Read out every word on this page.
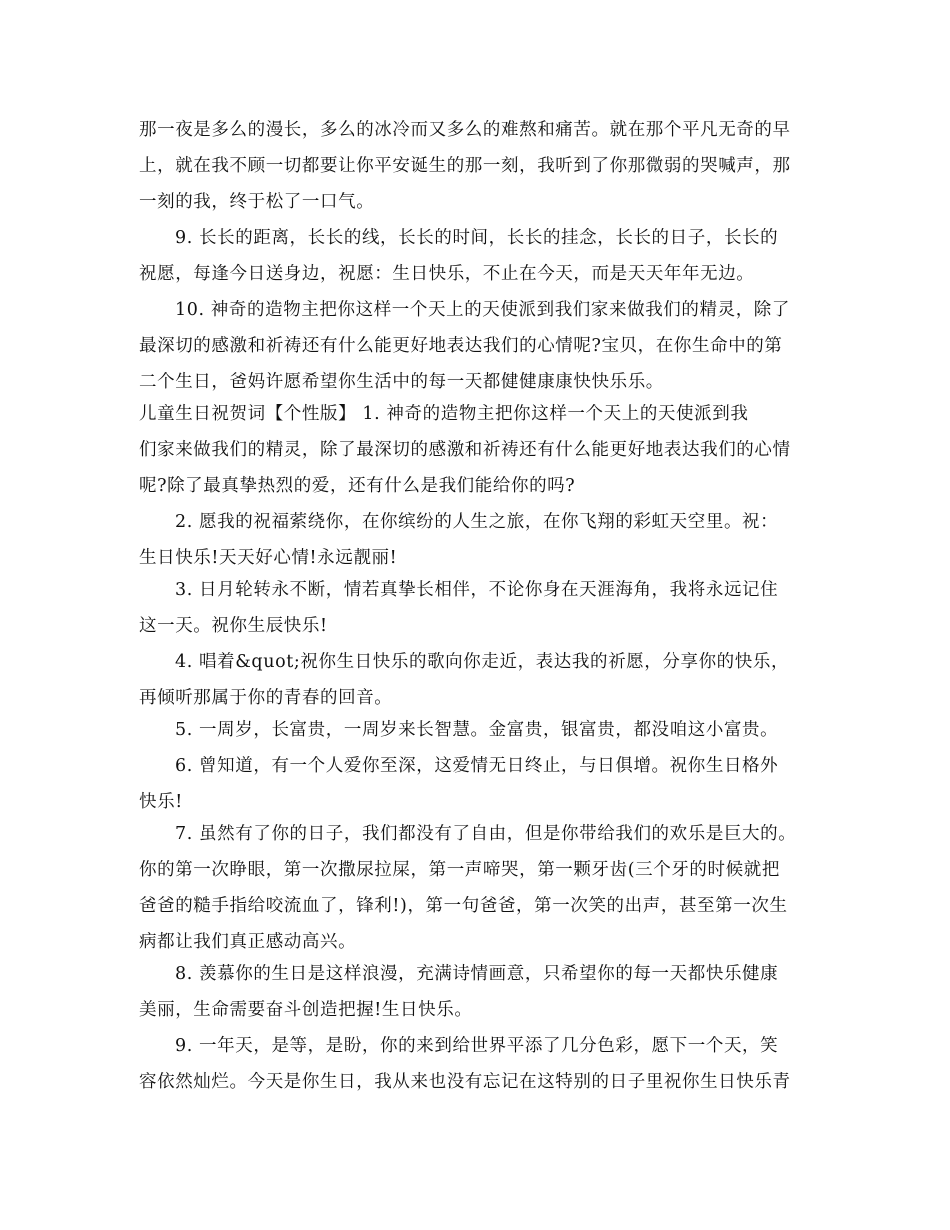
那一夜是多么的漫长，多么的冰冷而又多么的难熬和痛苦。就在那个平凡无奇的早
上，就在我不顾一切都要让你平安诞生的那一刻，我听到了你那微弱的哭喊声，那
一刻的我，终于松了一口气。
9. 长长的距离，长长的线，长长的时间，长长的挂念，长长的日子，长长的
祝愿，每逢今日送身边，祝愿：生日快乐，不止在今天，而是天天年年无边。
10. 神奇的造物主把你这样一个天上的天使派到我们家来做我们的精灵，除了
最深切的感激和祈祷还有什么能更好地表达我们的心情呢?宝贝，在你生命中的第
二个生日，爸妈许愿希望你生活中的每一天都健健康康快快乐乐。
儿童生日祝贺词【个性版】 1. 神奇的造物主把你这样一个天上的天使派到我
们家来做我们的精灵，除了最深切的感激和祈祷还有什么能更好地表达我们的心情
呢?除了最真挚热烈的爱，还有什么是我们能给你的吗?
2. 愿我的祝福萦绕你，在你缤纷的人生之旅，在你飞翔的彩虹天空里。祝：
生日快乐!天天好心情!永远靓丽!
3. 日月轮转永不断，情若真挚长相伴，不论你身在天涯海角，我将永远记住
这一天。祝你生辰快乐!
4. 唱着&quot;祝你生日快乐的歌向你走近，表达我的祈愿，分享你的快乐，
再倾听那属于你的青春的回音。
5. 一周岁，长富贵，一周岁来长智慧。金富贵，银富贵，都没咱这小富贵。
6. 曾知道，有一个人爱你至深，这爱情无日终止，与日俱增。祝你生日格外
快乐!
7. 虽然有了你的日子，我们都没有了自由，但是你带给我们的欢乐是巨大的。
你的第一次睁眼，第一次撒尿拉屎，第一声啼哭，第一颗牙齿(三个牙的时候就把
爸爸的糙手指给咬流血了，锋利!)，第一句爸爸，第一次笑的出声，甚至第一次生
病都让我们真正感动高兴。
8. 羡慕你的生日是这样浪漫，充满诗情画意，只希望你的每一天都快乐健康
美丽，生命需要奋斗创造把握!生日快乐。
9. 一年天，是等，是盼，你的来到给世界平添了几分色彩，愿下一个天，笑
容依然灿烂。今天是你生日，我从来也没有忘记在这特别的日子里祝你生日快乐青
